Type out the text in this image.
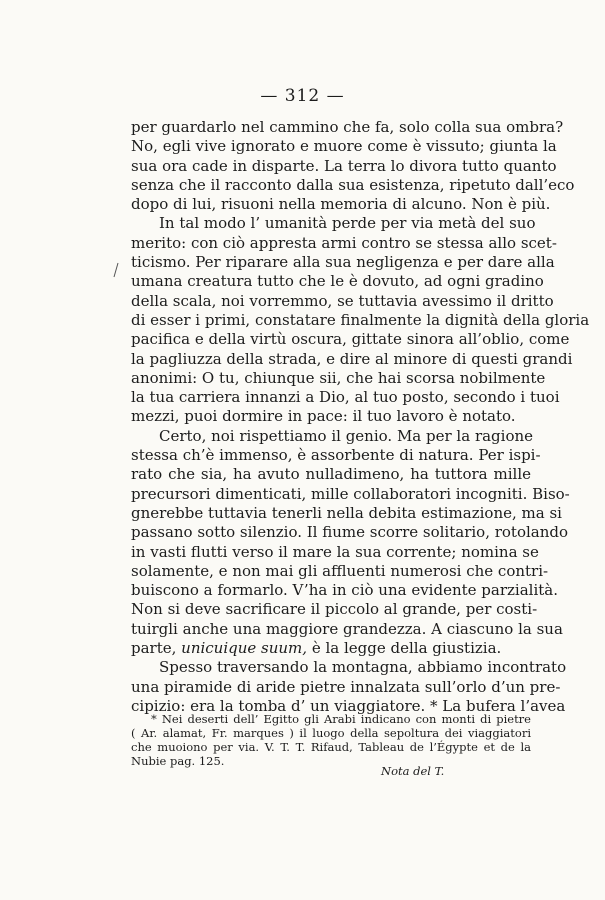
— 312 —
per guardarlo nel cammino che fa, solo colla sua ombra?
No, egli vive ignorato e muore come è vissuto; giunta la
sua ora cade in disparte. La terra lo divora tutto quanto
senza che il racconto dalla sua esistenza, ripetuto dall’eco
dopo di lui, risuoni nella memoria di alcuno. Non è più.
In tal modo l’ umanità perde per via metà del suo
merito: con ciò appresta armi contro se stessa allo scet-
ticismo. Per riparare alla sua negligenza e per dare alla
umana creatura tutto che le è dovuto, ad ogni gradino
della scala, noi vorremmo, se tuttavia avessimo il dritto
di esser i primi, constatare finalmente la dignità della gloria
pacifica e della virtù oscura, gittate sinora all’oblio, come
la pagliuzza della strada, e dire al minore di questi grandi
anonimi: O tu, chiunque sii, che hai scorsa nobilmente
la tua carriera innanzi a Dio, al tuo posto, secondo i tuoi
mezzi, puoi dormire in pace: il tuo lavoro è notato.
Certo, noi rispettiamo il genio. Ma per la ragione
stessa ch’è immenso, è assorbente di natura. Per ispi-
rato che sia, ha avuto nulladimeno, ha tuttora mille
precursori dimenticati, mille collaboratori incogniti. Biso-
gnerebbe tuttavia tenerli nella debita estimazione, ma si
passano sotto silenzio. Il fiume scorre solitario, rotolando
in vasti flutti verso il mare la sua corrente; nomina se
solamente, e non mai gli affluenti numerosi che contri-
buiscono a formarlo. V’ha in ciò una evidente parzialità.
Non si deve sacrificare il piccolo al grande, per costi-
tuirgli anche una maggiore grandezza. A ciascuno la sua
parte, unicuique suum, è la legge della giustizia.
Spesso traversando la montagna, abbiamo incontrato
una piramide di aride pietre innalzata sull’orlo d’un pre-
cipizio: era la tomba d’ un viaggiatore. * La bufera l’avea
* Nei deserti dell’ Egitto gli Arabi indicano con monti di pietre
( Ar. alamat, Fr. marques ) il luogo della sepoltura dei viaggiatori
che muoiono per via. V. T. T. Rifaud, Tableau de l’Égypte et de la
Nubie pag. 125.
Nota del T.
